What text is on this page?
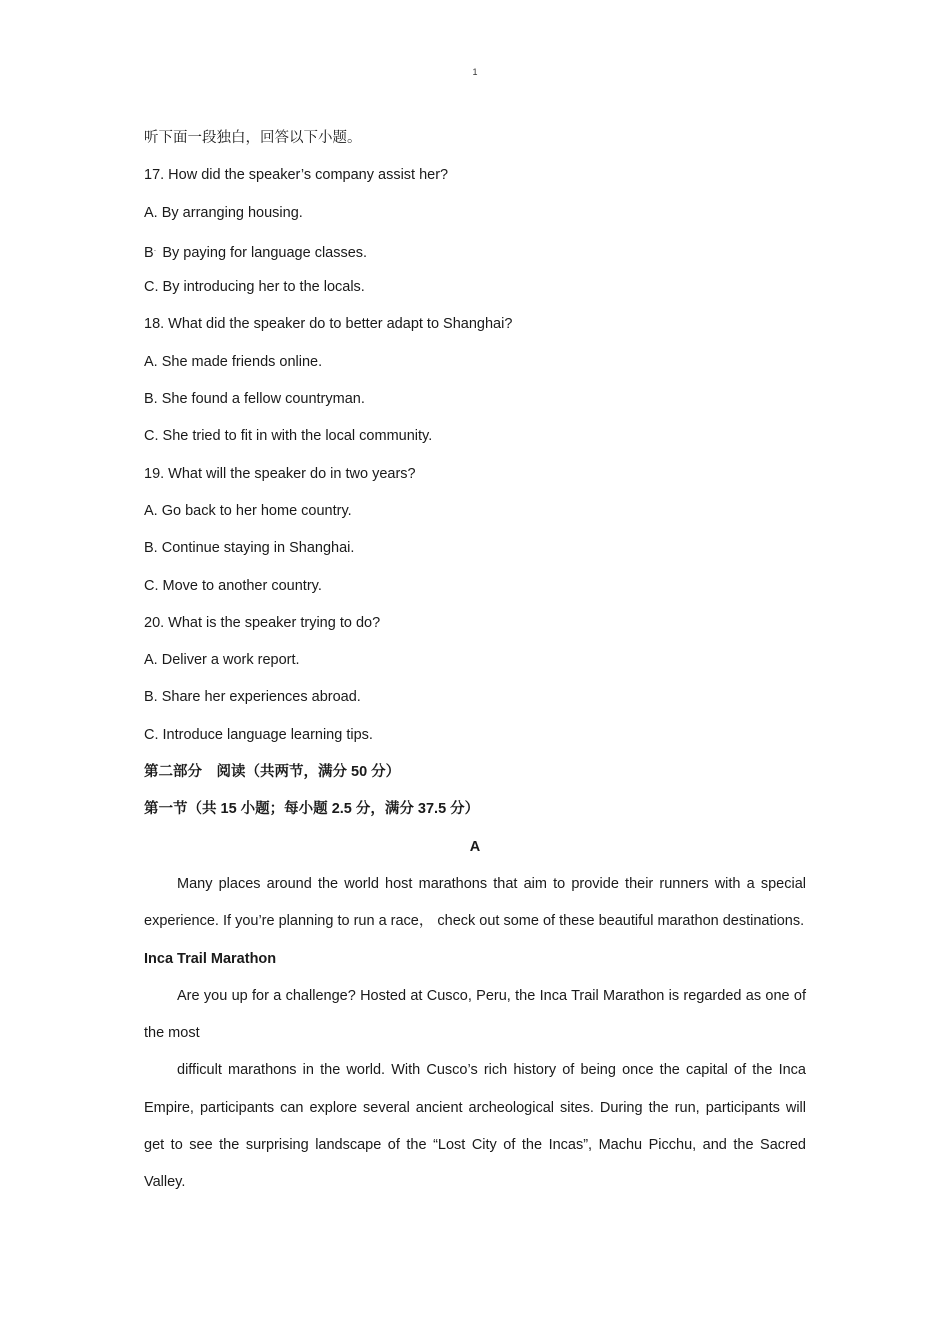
1
听下面一段独白，回答以下小题。
17. How did the speaker’s company assist her?
A. By arranging housing.
B· By paying for language classes.
C. By introducing her to the locals.
18. What did the speaker do to better adapt to Shanghai?
A. She made friends online.
B. She found a fellow countryman.
C. She tried to fit in with the local community.
19. What will the speaker do in two years?
A. Go back to her home country.
B. Continue staying in Shanghai.
C. Move to another country.
20. What is the speaker trying to do?
A. Deliver a work report.
B. Share her experiences abroad.
C. Introduce language learning tips.
第二部分　阅读（共两节，满分 50 分）
第一节（共 15 小题；每小题 2.5 分，满分 37.5 分）
A
Many places around the world host marathons that aim to provide their runners with a special experience. If you’re planning to run a race， check out some of these beautiful marathon destinations.
Inca Trail Marathon
Are you up for a challenge? Hosted at Cusco, Peru, the Inca Trail Marathon is regarded as one of the most
difficult marathons in the world. With Cusco’s rich history of being once the capital of the Inca Empire, participants can explore several ancient archeological sites. During the run, participants will get to see the surprising landscape of the “Lost City of the Incas”, Machu Picchu, and the Sacred Valley.
